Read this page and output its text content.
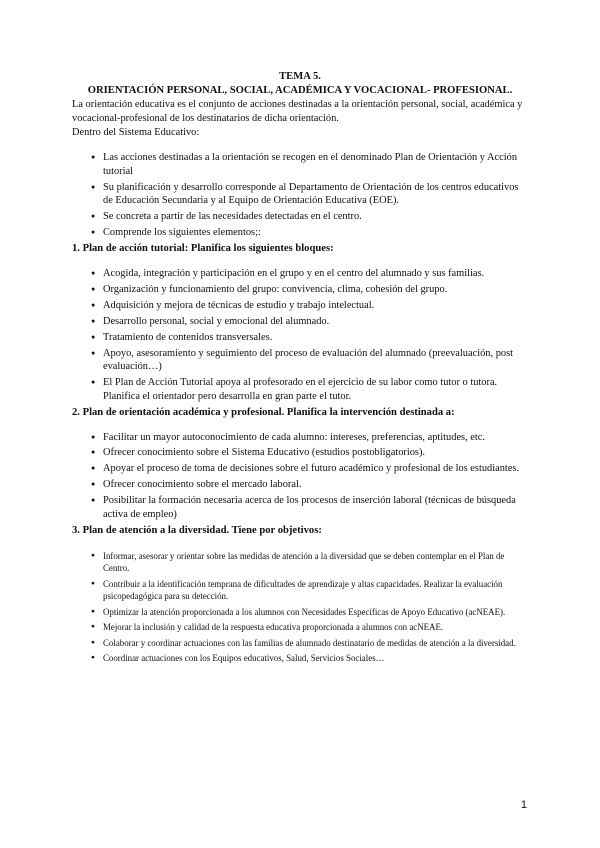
TEMA 5.
ORIENTACIÓN PERSONAL, SOCIAL, ACADÉMICA Y VOCACIONAL- PROFESIONAL.

La orientación educativa es el conjunto de acciones destinadas a la orientación personal, social, académica y vocacional-profesional de los destinatarios de dicha orientación.

Dentro del Sistema Educativo:

● Las acciones destinadas a la orientación se recogen en el denominado Plan de Orientación y Acción tutorial
● Su planificación y desarrollo corresponde al Departamento de Orientación de los centros educativos de Educación Secundaria y al Equipo de Orientación Educativa (EOE).
● Se concreta a partir de las necesidades detectadas en el centro.
● Comprende los siguientes elementos;:
1. Plan de acción tutorial: Planifica los siguientes bloques:
● Acogida, integración y participación en el grupo y en el centro del alumnado y sus familias.
● Organización y funcionamiento del grupo: convivencia, clima, cohesión del grupo.
● Adquisición y mejora de técnicas de estudio y trabajo intelectual.
● Desarrollo personal, social y emocional del alumnado.
● Tratamiento de contenidos transversales.
● Apoyo, asesoramiento y seguimiento del proceso de evaluación del alumnado (preevaluación, post evaluación…)
● El Plan de Acción Tutorial apoya al profesorado en el ejercicio de su labor como tutor o tutora. Planifica el orientador pero desarrolla en gran parte el tutor.
2. Plan de orientación académica y profesional. Planifica la intervención destinada a:
● Facilitar un mayor autoconocimiento de cada alumno: intereses, preferencias, aptitudes, etc.
● Ofrecer conocimiento sobre el Sistema Educativo (estudios postobligatorios).
● Apoyar el proceso de toma de decisiones sobre el futuro académico y profesional de los estudiantes.
● Ofrecer conocimiento sobre el mercado laboral.
● Posibilitar la formación necesaria acerca de los procesos de inserción laboral (técnicas de búsqueda activa de empleo)
3. Plan de atención a la diversidad. Tiene por objetivos:
● Informar, asesorar y orientar sobre las medidas de atención a la diversidad que se deben contemplar en el Plan de Centro.
● Contribuir a la identificación temprana de dificultades de aprendizaje y altas capacidades. Realizar la evaluación psicopedagógica para su detección.
● Optimizar la atención proporcionada a los alumnos con Necesidades Específicas de Apoyo Educativo (acNEAE).
● Mejorar la inclusión y calidad de la respuesta educativa proporcionada a alumnos con acNEAE.
● Colaborar y coordinar actuaciones con las familias de alumnado destinatario de medidas de atención a la diversidad.
● Coordinar actuaciones con los Equipos educativos, Salud, Servicios Sociales…
1
